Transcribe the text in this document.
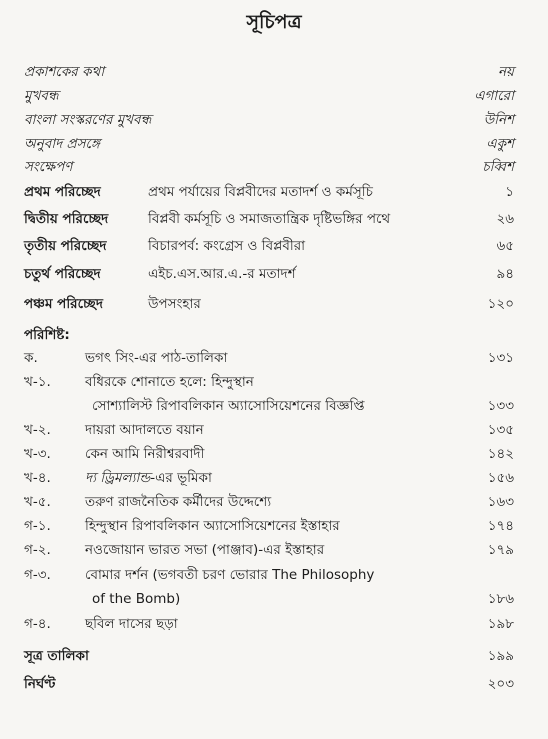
সূচিপত্র
প্রকাশকের কথা	নয়
মুখবন্ধ	এগারো
বাংলা সংস্করণের মুখবন্ধ	উনিশ
অনুবাদ প্রসঙ্গে	একুশ
সংক্ষেপণ	চব্বিশ
প্রথম পরিচ্ছেদ	প্রথম পর্যায়ের বিপ্লবীদের মতাদর্শ ও কর্মসূচি	১
দ্বিতীয় পরিচ্ছেদ	বিপ্লবী কর্মসূচি ও সমাজতান্ত্রিক দৃষ্টিভঙ্গির পথে	২৬
তৃতীয় পরিচ্ছেদ	বিচারপর্ব: কংগ্রেস ও বিপ্লবীরা	৬৫
চতুর্থ পরিচ্ছেদ	এইচ.এস.আর.এ.-র মতাদর্শ	৯৪
পঞ্চম পরিচ্ছেদ	উপসংহার	১২০
পরিশিষ্ট:
ক.	ভগৎ সিং-এর পাঠ-তালিকা	১৩১
খ-১.	বধিরকে শোনাতে হলে: হিন্দুস্থান
সোশ্যালিস্ট রিপাবলিকান অ্যাসোসিয়েশনের বিজ্ঞপ্তি	১৩৩
খ-২.	দায়রা আদালতে বয়ান	১৩৫
খ-৩.	কেন আমি নিরীশ্বরবাদী	১৪২
খ-৪.	দ্য ড্রিমল্যান্ড-এর ভূমিকা	১৫৬
খ-৫.	তরুণ রাজনৈতিক কর্মীদের উদ্দেশ্যে	১৬৩
গ-১.	হিন্দুস্থান রিপাবলিকান অ্যাসোসিয়েশনের ইস্তাহার	১৭৪
গ-২.	নওজোয়ান ভারত সভা (পাঞ্জাব)-এর ইস্তাহার	১৭৯
গ-৩.	বোমার দর্শন (ভগবতী চরণ ভোরার The Philosophy
of the Bomb)	১৮৬
গ-৪.	ছবিল দাসের ছড়া	১৯৮
সূত্র তালিকা	১৯৯
নির্ঘণ্ট	২০৩
